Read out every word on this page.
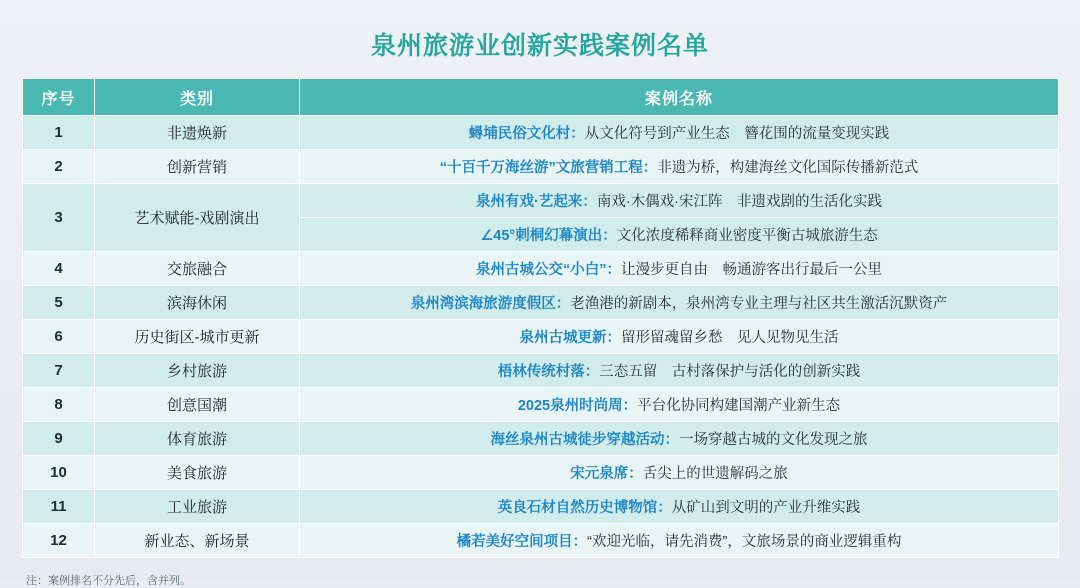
泉州旅游业创新实践案例名单
序号	类别	案例名称
1	非遗焕新	蟳埔民俗文化村：从文化符号到产业生态　簪花围的流量变现实践
2	创新营销	“十百千万海丝游”文旅营销工程：非遗为桥，构建海丝文化国际传播新范式
3	艺术赋能-戏剧演出	泉州有戏·艺起来：南戏·木偶戏·宋江阵　非遗戏剧的生活化实践
		∠45°刺桐幻幕演出：文化浓度稀释商业密度平衡古城旅游生态
4	交旅融合	泉州古城公交“小白”：让漫步更自由　畅通游客出行最后一公里
5	滨海休闲	泉州湾滨海旅游度假区：老渔港的新剧本，泉州湾专业主理与社区共生激活沉默资产
6	历史街区-城市更新	泉州古城更新：留形留魂留乡愁　见人见物见生活
7	乡村旅游	梧林传统村落：三态五留　古村落保护与活化的创新实践
8	创意国潮	2025泉州时尚周：平台化协同构建国潮产业新生态
9	体育旅游	海丝泉州古城徒步穿越活动：一场穿越古城的文化发现之旅
10	美食旅游	宋元泉席：舌尖上的世遗解码之旅
11	工业旅游	英良石材自然历史博物馆：从矿山到文明的产业升维实践
12	新业态、新场景	橘若美好空间项目：“欢迎光临，请先消费”，文旅场景的商业逻辑重构
注：案例排名不分先后，含并列。
